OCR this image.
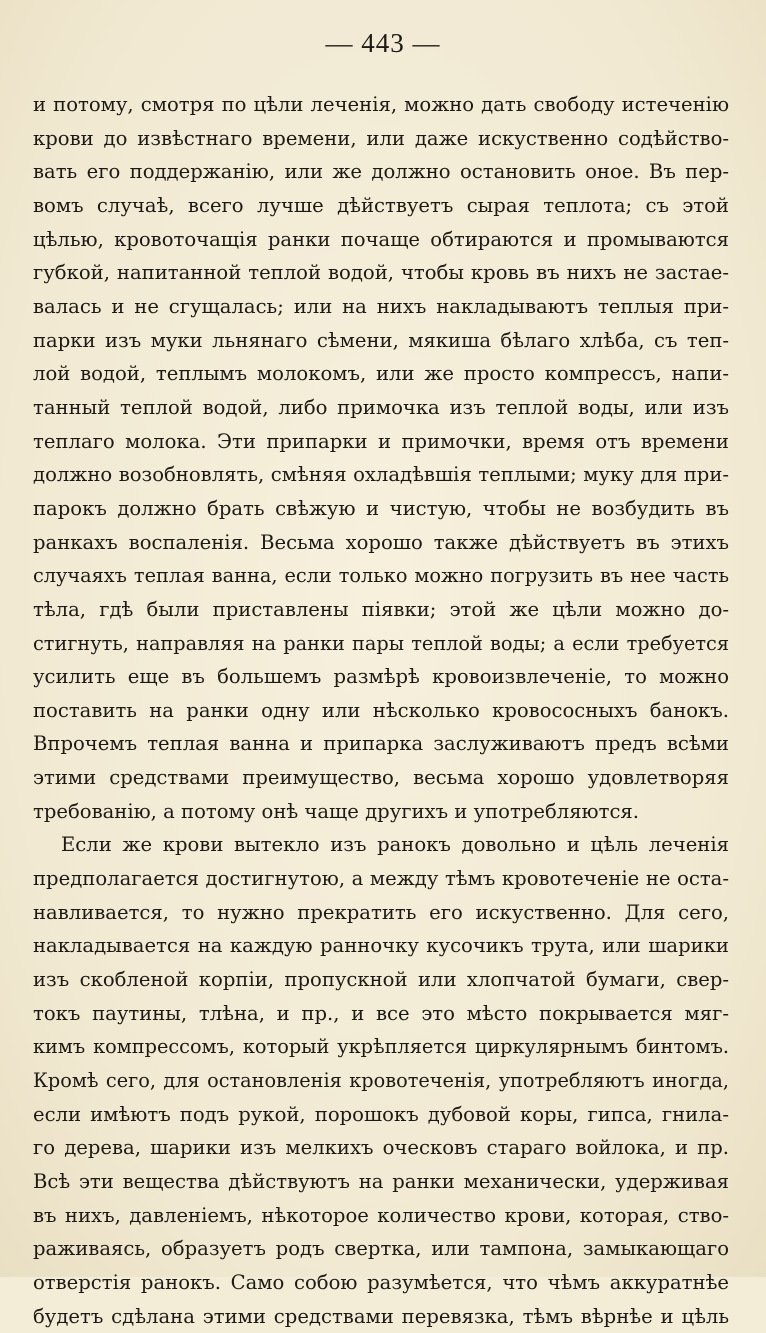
— 443 —
и потому, смотря по цѣли леченія, можно дать свободу истеченію
крови до извѣстнаго времени, или даже искуственно содѣйство-
вать его поддержанію, или же должно остановить оное. Въ пер-
вомъ случаѣ, всего лучше дѣйствуетъ сырая теплота; съ этой
цѣлью, кровоточащія ранки почаще обтираются и промываются
губкой, напитанной теплой водой, чтобы кровь въ нихъ не застае-
валась и не сгущалась; или на нихъ накладываютъ теплыя при-
парки изъ муки льнянаго сѣмени, мякиша бѣлаго хлѣба, съ теп-
лой водой, теплымъ молокомъ, или же просто компрессъ, напи-
танный теплой водой, либо примочка изъ теплой воды, или изъ
теплаго молока. Эти припарки и примочки, время отъ времени
должно возобновлять, смѣняя охладѣвшія теплыми; муку для при-
парокъ должно брать свѣжую и чистую, чтобы не возбудить въ
ранкахъ воспаленія. Весьма хорошо также дѣйствуетъ въ этихъ
случаяхъ теплая ванна, если только можно погрузить въ нее часть
тѣла, гдѣ были приставлены піявки; этой же цѣли можно до-
стигнуть, направляя на ранки пары теплой воды; а если требуется
усилить еще въ большемъ размѣрѣ кровоизвлеченіе, то можно
поставить на ранки одну или нѣсколько кровососныхъ банокъ.
Впрочемъ теплая ванна и припарка заслуживаютъ предъ всѣми
этими средствами преимущество, весьма хорошо удовлетворяя
требованію, а потому онѣ чаще другихъ и употребляются.
Если же крови вытекло изъ ранокъ довольно и цѣль леченія
предполагается достигнутою, а между тѣмъ кровотеченіе не оста-
навливается, то нужно прекратить его искуственно. Для сего,
накладывается на каждую ранночку кусочикъ трута, или шарики
изъ скобленой корпіи, пропускной или хлопчатой бумаги, свер-
токъ паутины, тлѣна, и пр., и все это мѣсто покрывается мяг-
кимъ компрессомъ, который укрѣпляется циркулярнымъ бинтомъ.
Кромѣ сего, для остановленія кровотеченія, употребляютъ иногда,
если имѣютъ подъ рукой, порошокъ дубовой коры, гипса, гнила-
го дерева, шарики изъ мелкихъ оческовъ стараго войлока, и пр.
Всѣ эти вещества дѣйствуютъ на ранки механически, удерживая
въ нихъ, давленіемъ, нѣкоторое количество крови, которая, ство-
раживаясь, образуетъ родъ свертка, или тампона, замыкающаго
отверстія ранокъ. Само собою разумѣется, что чѣмъ аккуратнѣе
будетъ сдѣлана этими средствами перевязка, тѣмъ вѣрнѣе и цѣль
